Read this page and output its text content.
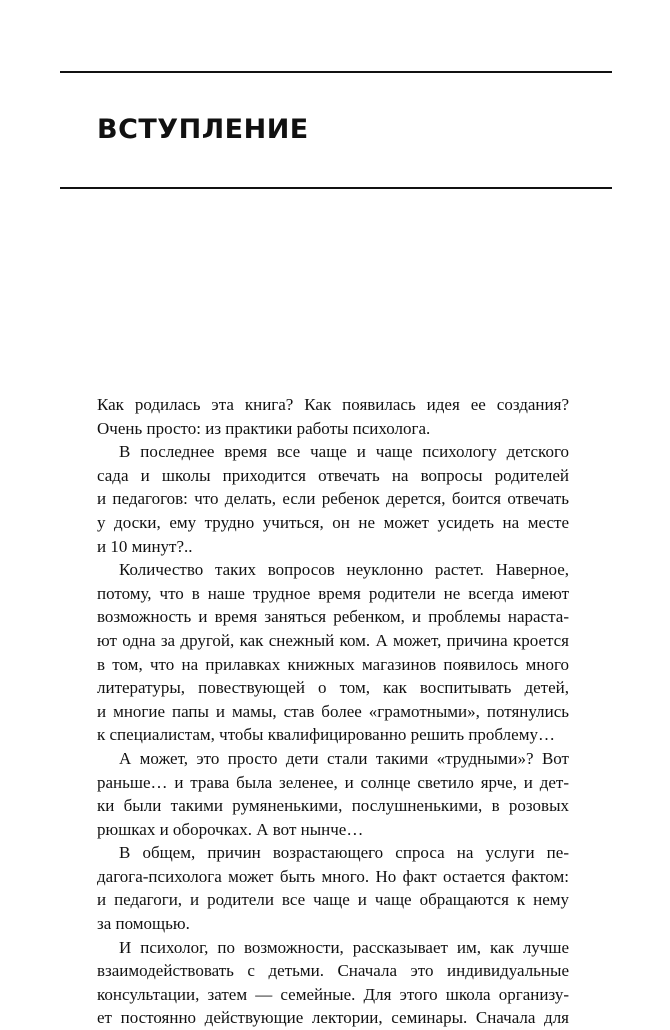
ВСТУПЛЕНИЕ
Как родилась эта книга? Как появилась идея ее создания?
Очень просто: из практики работы психолога.
В последнее время все чаще и чаще психологу детского
сада и школы приходится отвечать на вопросы родителей
и педагогов: что делать, если ребенок дерется, боится отвечать
у доски, ему трудно учиться, он не может усидеть на месте
и 10 минут?..
Количество таких вопросов неуклонно растет. Наверное,
потому, что в наше трудное время родители не всегда имеют
возможность и время заняться ребенком, и проблемы нараста-
ют одна за другой, как снежный ком. А может, причина кроется
в том, что на прилавках книжных магазинов появилось много
литературы, повествующей о том, как воспитывать детей,
и многие папы и мамы, став более «грамотными», потянулись
к специалистам, чтобы квалифицированно решить проблему…
А может, это просто дети стали такими «трудными»? Вот
раньше… и трава была зеленее, и солнце светило ярче, и дет-
ки были такими румяненькими, послушненькими, в розовых
рюшках и оборочках. А вот нынче…
В общем, причин возрастающего спроса на услуги пе-
дагога-психолога может быть много. Но факт остается фактом:
и педагоги, и родители все чаще и чаще обращаются к нему
за помощью.
И психолог, по возможности, рассказывает им, как лучше
взаимодействовать с детьми. Сначала это индивидуальные
консультации, затем — семейные. Для этого школа организу-
ет постоянно действующие лектории, семинары. Сначала для
